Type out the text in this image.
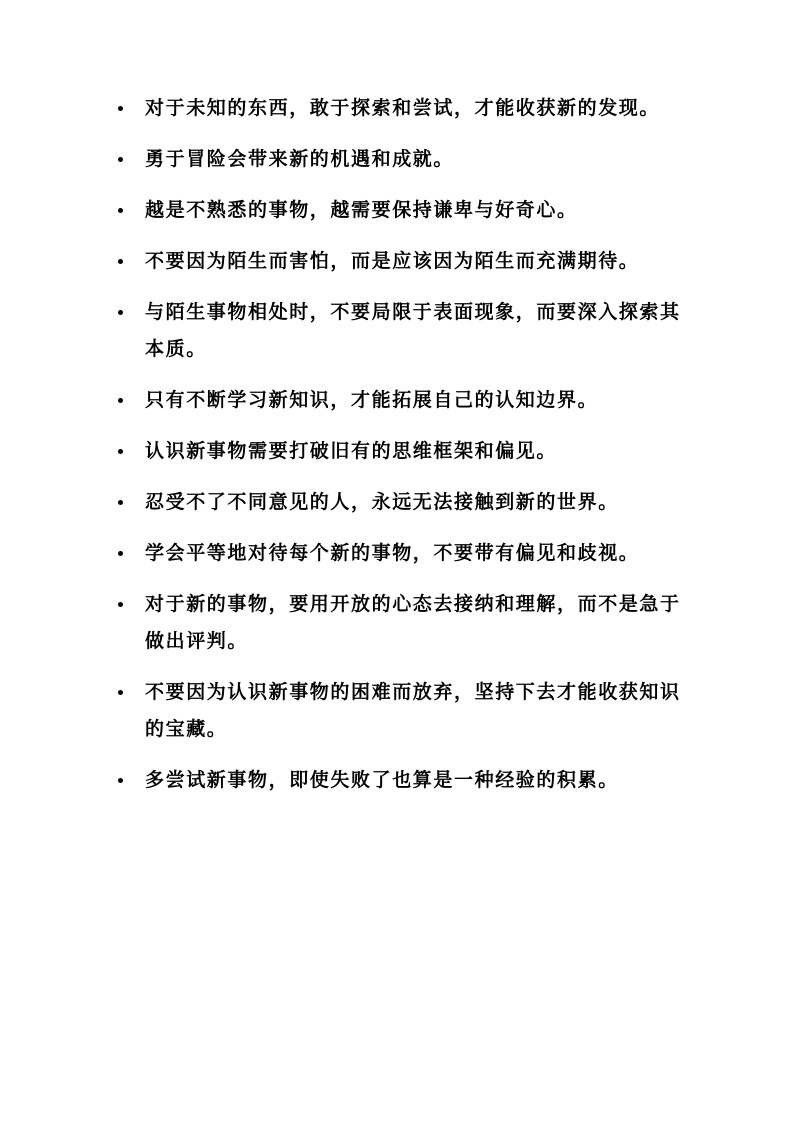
对于未知的东西，敢于探索和尝试，才能收获新的发现。
勇于冒险会带来新的机遇和成就。
越是不熟悉的事物，越需要保持谦卑与好奇心。
不要因为陌生而害怕，而是应该因为陌生而充满期待。
与陌生事物相处时，不要局限于表面现象，而要深入探索其本质。
只有不断学习新知识，才能拓展自己的认知边界。
认识新事物需要打破旧有的思维框架和偏见。
忍受不了不同意见的人，永远无法接触到新的世界。
学会平等地对待每个新的事物，不要带有偏见和歧视。
对于新的事物，要用开放的心态去接纳和理解，而不是急于做出评判。
不要因为认识新事物的困难而放弃，坚持下去才能收获知识的宝藏。
多尝试新事物，即使失败了也算是一种经验的积累。
